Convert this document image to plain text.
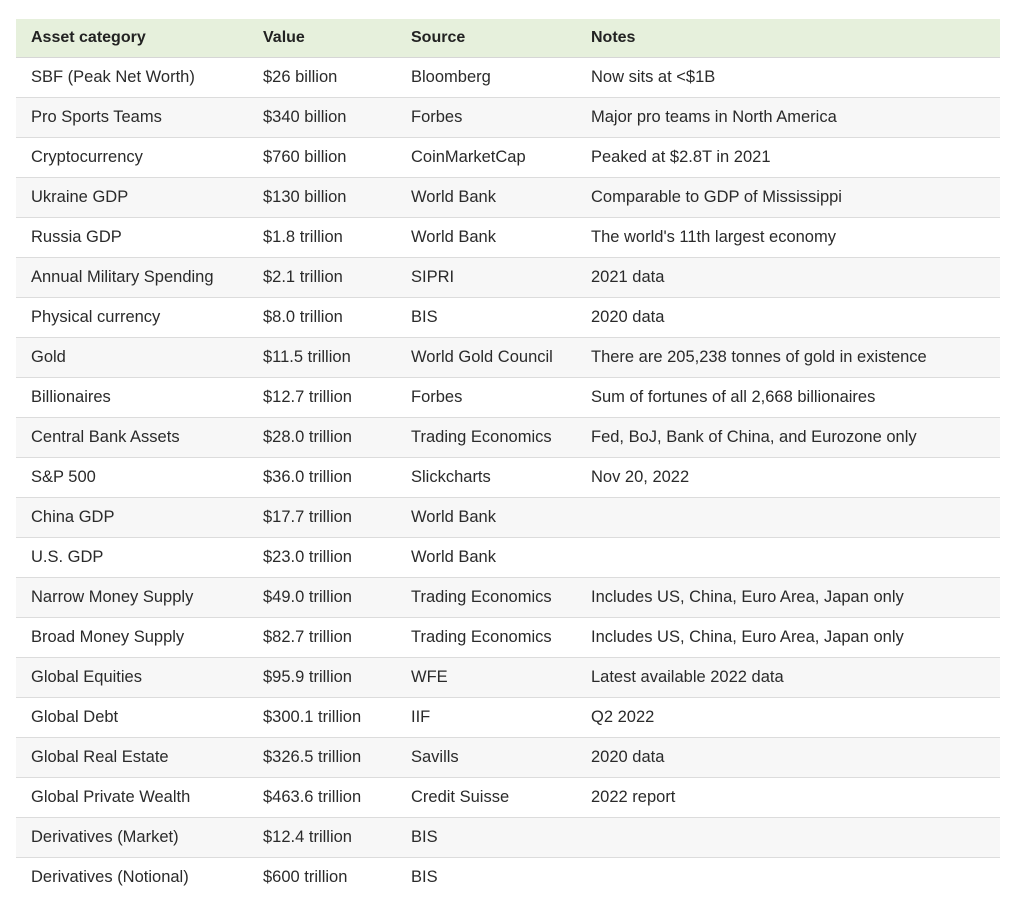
Asset category	Value	Source	Notes
SBF (Peak Net Worth)	$26 billion	Bloomberg	Now sits at <$1B
Pro Sports Teams	$340 billion	Forbes	Major pro teams in North America
Cryptocurrency	$760 billion	CoinMarketCap	Peaked at $2.8T in 2021
Ukraine GDP	$130 billion	World Bank	Comparable to GDP of Mississippi
Russia GDP	$1.8 trillion	World Bank	The world's 11th largest economy
Annual Military Spending	$2.1 trillion	SIPRI	2021 data
Physical currency	$8.0 trillion	BIS	2020 data
Gold	$11.5 trillion	World Gold Council	There are 205,238 tonnes of gold in existence
Billionaires	$12.7 trillion	Forbes	Sum of fortunes of all 2,668 billionaires
Central Bank Assets	$28.0 trillion	Trading Economics	Fed, BoJ, Bank of China, and Eurozone only
S&P 500	$36.0 trillion	Slickcharts	Nov 20, 2022
China GDP	$17.7 trillion	World Bank	
U.S. GDP	$23.0 trillion	World Bank	
Narrow Money Supply	$49.0 trillion	Trading Economics	Includes US, China, Euro Area, Japan only
Broad Money Supply	$82.7 trillion	Trading Economics	Includes US, China, Euro Area, Japan only
Global Equities	$95.9 trillion	WFE	Latest available 2022 data
Global Debt	$300.1 trillion	IIF	Q2 2022
Global Real Estate	$326.5 trillion	Savills	2020 data
Global Private Wealth	$463.6 trillion	Credit Suisse	2022 report
Derivatives (Market)	$12.4 trillion	BIS	
Derivatives (Notional)	$600 trillion	BIS	
